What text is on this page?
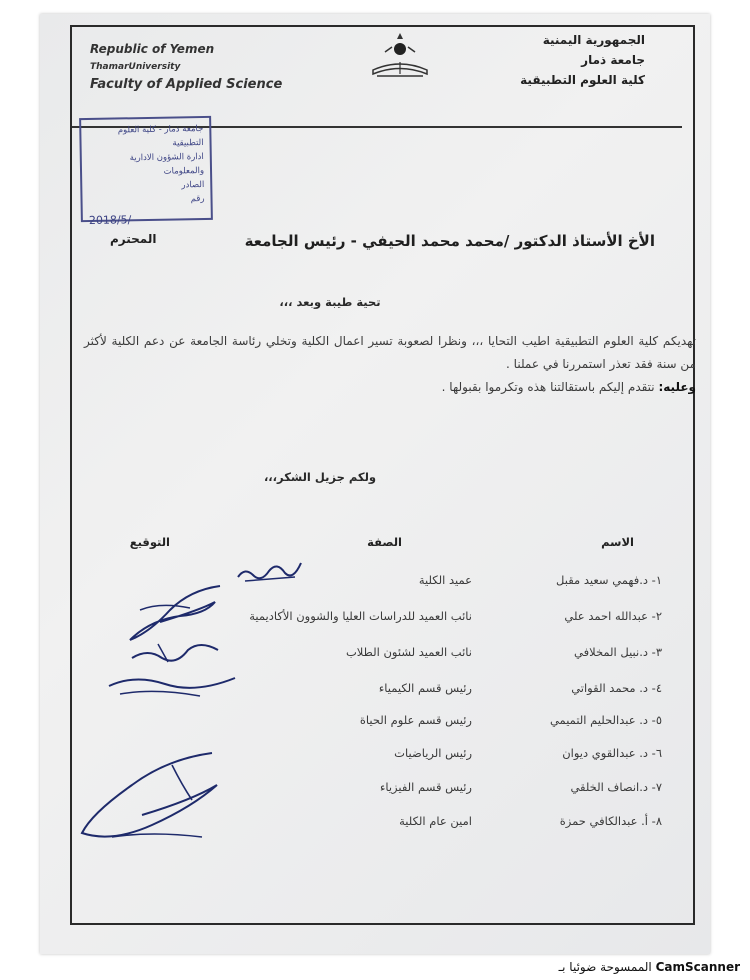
Republic of Yemen
ThamarUniversity
Faculty of Applied Science
الجمهورية اليمنية
جامعة ذمار
كلية العلوم التطبيقية
جامعة ذمار - كلية العلوم التطبيقية
ادارة الشؤون الادارية والمعلومات
الصادر
رقم
2018/5/
الأخ الأستاذ الدكتور /محمد محمد الحيفي - رئيس الجامعة
المحترم
تحية طيبة وبعد ،،،
تهديكم كلية العلوم التطبيقية اطيب التحايا ،،، ونظرا لصعوبة تسير اعمال الكلية وتخلي رئاسة الجامعة عن دعم الكلية لأكثر من سنة فقد تعذر استمررنا في عملنا .
وعليه: نتقدم إليكم باستقالتنا هذه وتكرموا بقبولها .
ولكم جزيل الشكر،،،
الاسم
الصفة
التوقيع
١- د.فهمي سعيد مقبل
عميد الكلية
٢- عبدالله احمد علي
نائب العميد للدراسات العليا والشوون الأكاديمية
٣- د.نبيل المخلافي
نائب العميد لشئون الطلاب
٤- د. محمد القواتي
رئيس قسم الكيمياء
٥- د. عبدالحليم التميمي
رئيس قسم علوم الحياة
٦- د. عبدالقوي ديوان
رئيس الرياضيات
٧- د.انصاف الخلقي
رئيس قسم الفيزياء
٨- أ. عبدالكافي حمزة
امين عام الكلية
الممسوحة ضوئيا بـ CamScanner
